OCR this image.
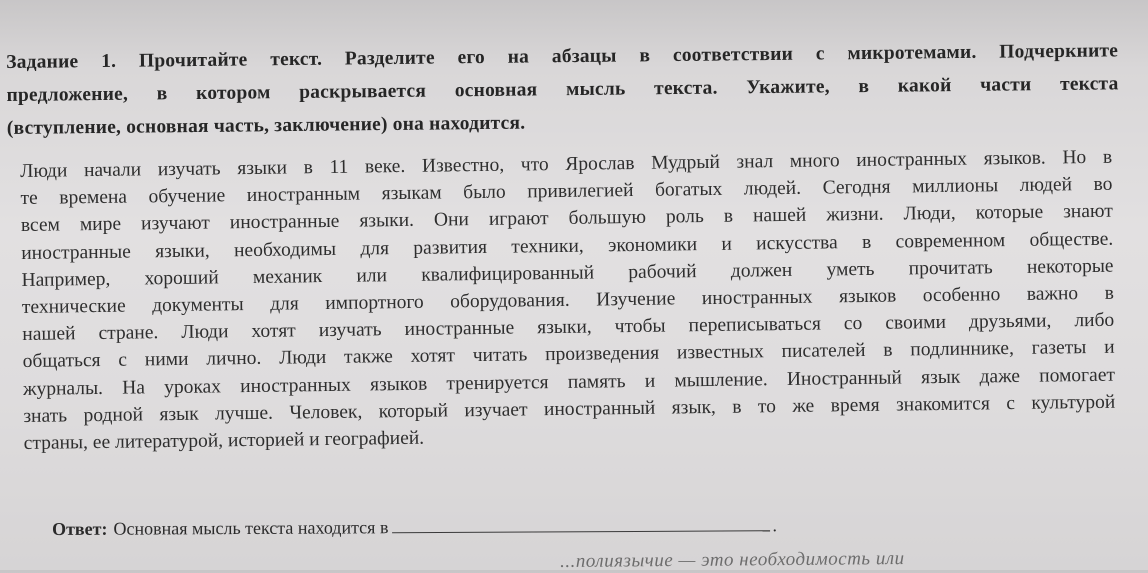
Задание 1. Прочитайте текст. Разделите его на абзацы в соответствии с микротемами. Подчеркните
предложение, в котором раскрывается основная мысль текста. Укажите, в какой части текста
(вступление, основная часть, заключение) она находится.
Люди начали изучать языки в 11 веке. Известно, что Ярослав Мудрый знал много иностранных языков. Но в
те времена обучение иностранным языкам было привилегией богатых людей. Сегодня миллионы людей во
всем мире изучают иностранные языки. Они играют большую роль в нашей жизни. Люди, которые знают
иностранные языки, необходимы для развития техники, экономики и искусства в современном обществе.
Например, хороший механик или квалифицированный рабочий должен уметь прочитать некоторые
технические документы для импортного оборудования. Изучение иностранных языков особенно важно в
нашей стране. Люди хотят изучать иностранные языки, чтобы переписываться со своими друзьями, либо
общаться с ними лично. Люди также хотят читать произведения известных писателей в подлиннике, газеты и
журналы. На уроках иностранных языков тренируется память и мышление. Иностранный язык даже помогает
знать родной язык лучше. Человек, который изучает иностранный язык, в то же время знакомится с культурой
страны, ее литературой, историей и географией.
Ответ: Основная мысль текста находится в	.
...полиязычие — это необходимость или
